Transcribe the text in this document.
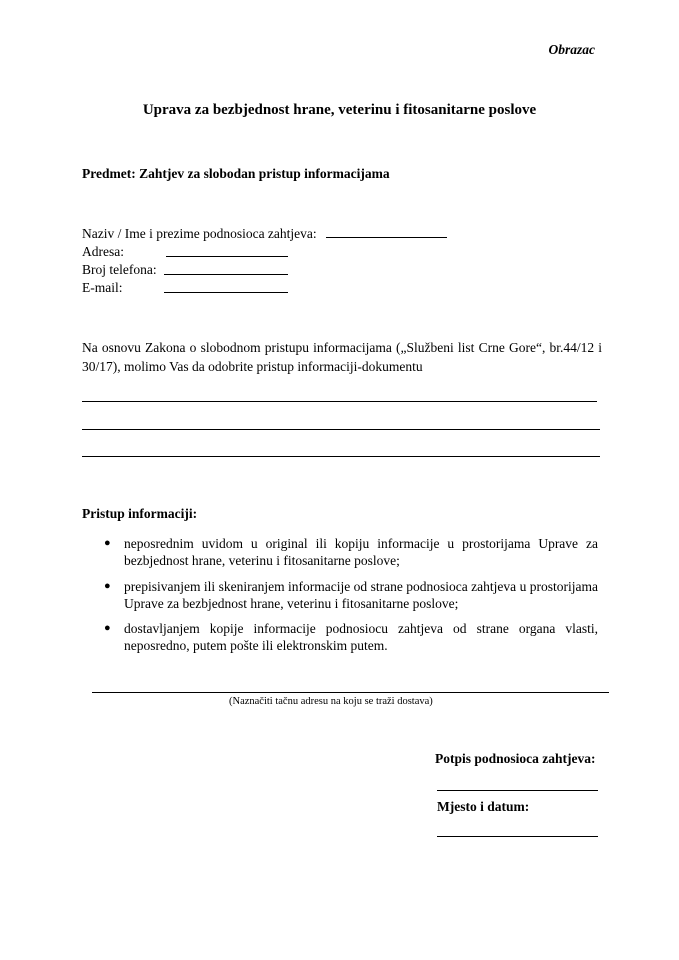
Obrazac
Uprava za bezbjednost hrane, veterinu i fitosanitarne poslove
Predmet: Zahtjev za slobodan pristup informacijama
Naziv / Ime i prezime podnosioca zahtjeva:
Adresa:
Broj telefona:
E-mail:
Na osnovu Zakona o slobodnom pristupu informacijama („Službeni list Crne Gore“, br.44/12 i 30/17), molimo Vas da odobrite pristup informaciji-dokumentu
Pristup informaciji:
● neposrednim uvidom u original ili kopiju informacije u prostorijama Uprave za bezbjednost hrane, veterinu i fitosanitarne poslove;
● prepisivanjem ili skeniranjem informacije od strane podnosioca zahtjeva u prostorijama Uprave za bezbjednost hrane, veterinu i fitosanitarne poslove;
● dostavljanjem kopije informacije podnosiocu zahtjeva od strane organa vlasti, neposredno, putem pošte ili elektronskim putem.
(Naznačiti tačnu adresu na koju se traži dostava)
Potpis podnosioca zahtjeva:
Mjesto i datum:
